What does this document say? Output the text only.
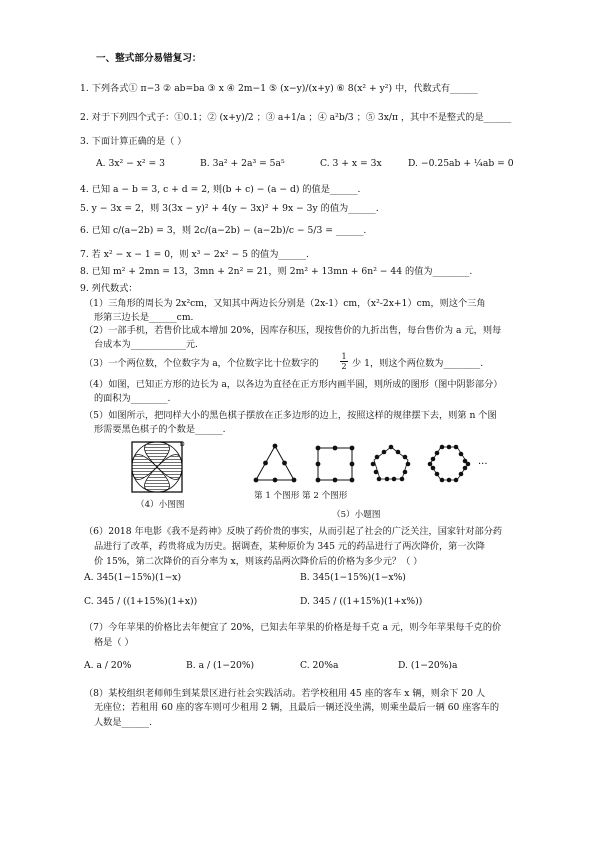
一、整式部分易错复习：
1. 下列各式① π−3 ② ab=ba ③ x ④ 2m−1 ⑤ (x−y)/(x+y) ⑥ 8(x² + y²) 中，代数式有______
2. 对于下列四个式子：①0.1；② (x+y)/2 ；③ a+1/a ；④ a²b/3 ；⑤ 3x/π ，其中不是整式的是______
3. 下面计算正确的是（ ）
A. 3x² − x² = 3	B. 3a² + 2a³ = 5a⁵	C. 3 + x = 3x	D. −0.25ab + ¼ab = 0
4. 已知 a − b = 3, c + d = 2, 则(b + c) − (a − d) 的值是______.
5. y − 3x = 2，则 3(3x − y)² + 4(y − 3x)² + 9x − 3y 的值为______.
6. 已知 c/(a−2b) = 3，则 2c/(a−2b) − (a−2b)/c − 5/3 = ______.
7. 若 x² − x − 1 = 0，则 x³ − 2x² − 5 的值为______.
8. 已知 m² + 2mn = 13，3mn + 2n² = 21，则 2m² + 13mn + 6n² − 44 的值为________.
9. 列代数式：
（1）三角形的周长为 2x²cm，又知其中两边长分别是（2x-1）cm，（x²-2x+1）cm，则这个三角
形第三边长是______cm.
（2）一部手机，若售价比成本增加 20%，因库存积压，现按售价的九折出售，每台售价为 a 元，则每
台成本为____________元.
（3）一个两位数，个位数字为 a，个位数字比十位数字的
1
2 少 1，则这个两位数为________.
（4）如图，已知正方形的边长为 a，以各边为直径在正方形内画半圆，则所成的图形（图中阴影部分）
的面积为________.
（5）如图所示，把同样大小的黑色棋子摆放在正多边形的边上，按照这样的规律摆下去，则第 n 个图
形需要黑色棋子的个数是______.
D
（4）小图图
···
第 1 个图形 第 2 个图形
（5）小题图
（6）2018 年电影《我不是药神》反映了药价贵的事实，从而引起了社会的广泛关注，国家针对部分药
品进行了改革，药贵将成为历史。据调查，某种原价为 345 元的药品进行了两次降价，第一次降
价 15%，第二次降价的百分率为 x，则该药品两次降价后的价格为多少元？（ ）
A. 345(1−15%)(1−x)	B. 345(1−15%)(1−x%)
C. 345 / ((1+15%)(1+x))	D. 345 / ((1+15%)(1+x%))
（7）今年苹果的价格比去年便宜了 20%，已知去年苹果的价格是每千克 a 元，则今年苹果每千克的价
格是（ ）
A. a / 20%	B. a / (1−20%)	C. 20%a	D. (1−20%)a
（8）某校组织老师师生到某景区进行社会实践活动。若学校租用 45 座的客车 x 辆，则余下 20 人
无座位；若租用 60 座的客车则可少租用 2 辆，且最后一辆还没坐满，则乘坐最后一辆 60 座客车的
人数是______.
